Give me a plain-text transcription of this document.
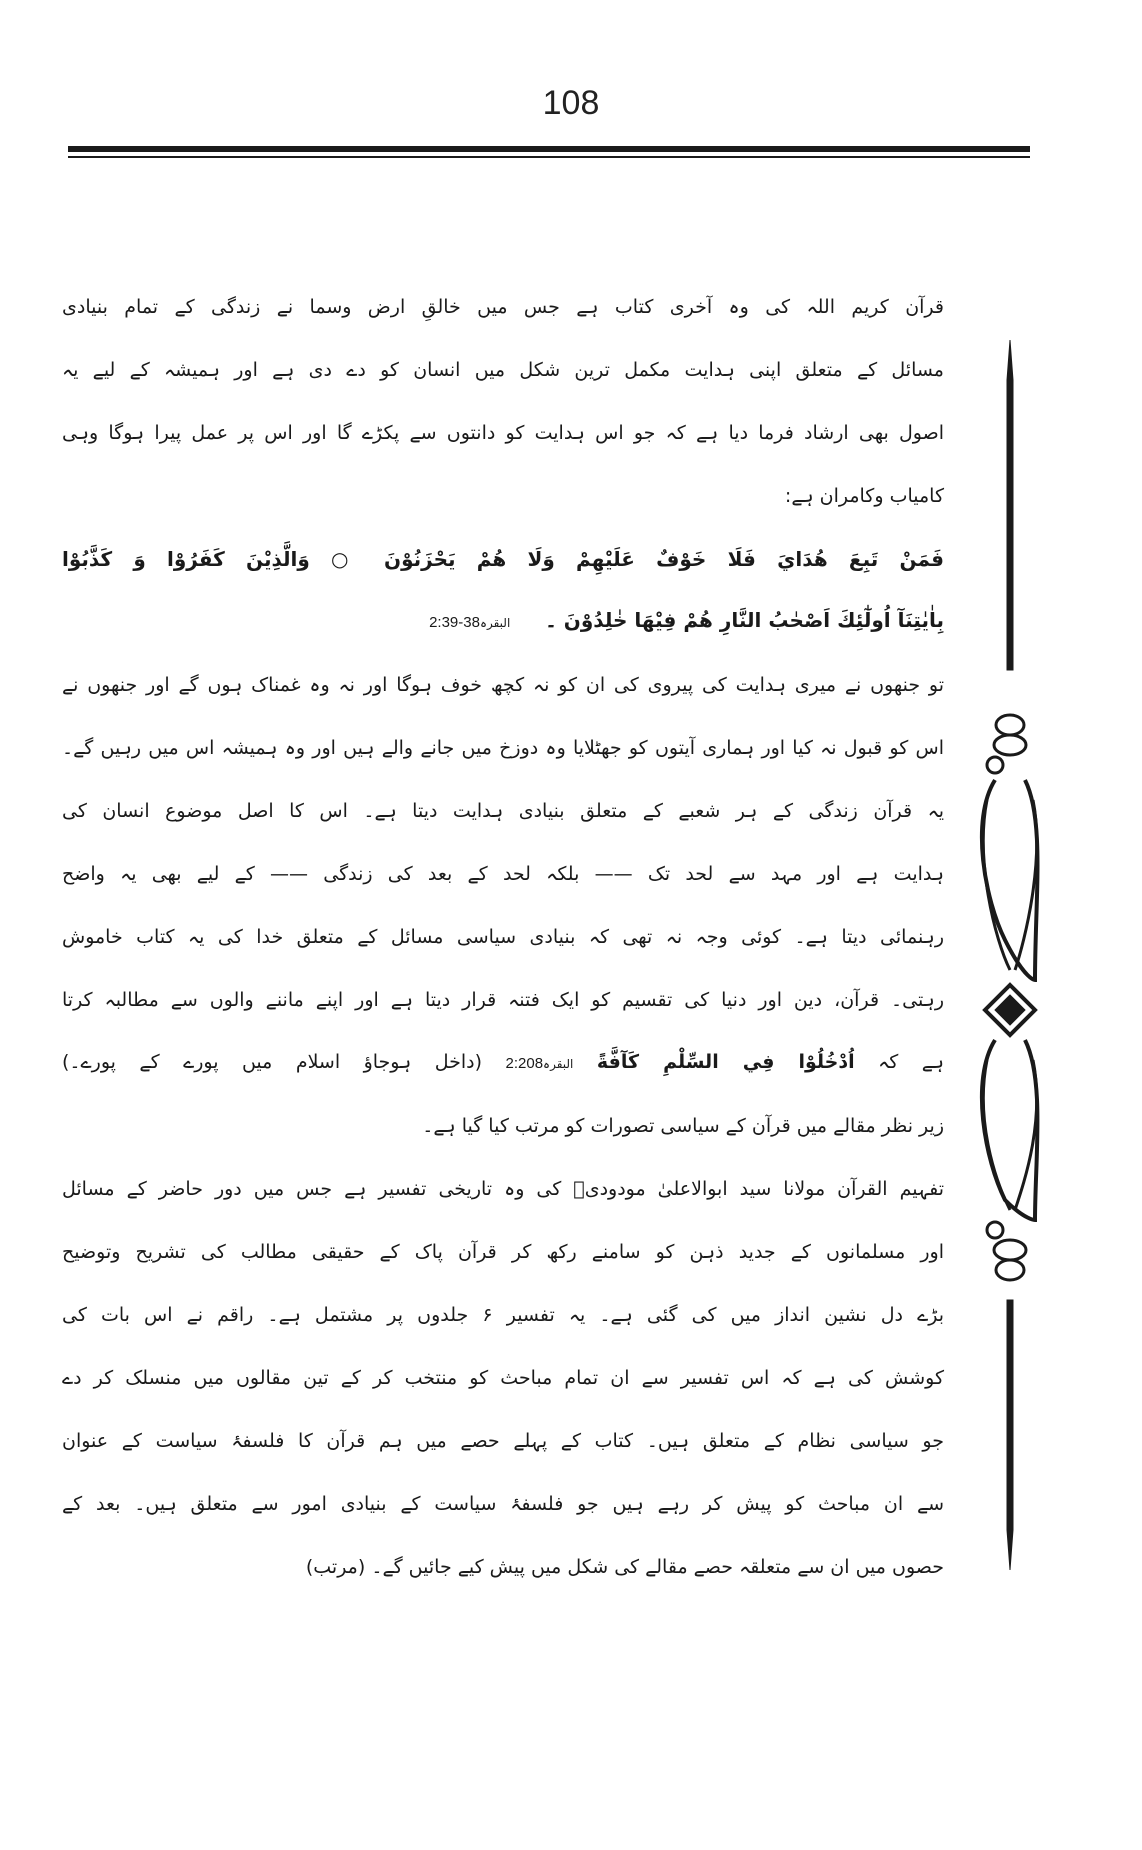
108
قرآن کریم اللہ کی وہ آخری کتاب ہے جس میں خالقِ ارض وسما نے زندگی کے تمام بنیادی
مسائل کے متعلق اپنی ہدایت مکمل ترین شکل میں انسان کو دے دی ہے اور ہمیشہ کے لیے یہ
اصول بھی ارشاد فرما دیا ہے کہ جو اس ہدایت کو دانتوں سے پکڑے گا اور اس پر عمل پیرا ہوگا وہی
کامیاب وکامران ہے:
فَمَنْ تَبِعَ هُدَايَ فَلَا خَوْفٌ عَلَيْهِمْ وَلَا هُمْ يَحْزَنُوْنَ ○ وَالَّذِيْنَ كَفَرُوْا وَ كَذَّبُوْا
بِاٰيٰتِنَآ اُولٰٓئِكَ اَصْحٰبُ النَّارِ هُمْ فِيْهَا خٰلِدُوْنَ ۔     البقرہ2:39-38
تو جنھوں نے میری ہدایت کی پیروی کی ان کو نہ کچھ خوف ہوگا اور نہ وہ غمناک ہوں گے اور جنھوں نے
اس کو قبول نہ کیا اور ہماری آیتوں کو جھٹلایا وہ دوزخ میں جانے والے ہیں اور وہ ہمیشہ اس میں رہیں گے۔
یہ قرآن زندگی کے ہر شعبے کے متعلق بنیادی ہدایت دیتا ہے۔ اس کا اصل موضوع انسان کی
ہدایت ہے اور مہد سے لحد تک —— بلکہ لحد کے بعد کی زندگی —— کے لیے بھی یہ واضح
رہنمائی دیتا ہے۔ کوئی وجہ نہ تھی کہ بنیادی سیاسی مسائل کے متعلق خدا کی یہ کتاب خاموش
رہتی۔ قرآن، دین اور دنیا کی تقسیم کو ایک فتنہ قرار دیتا ہے اور اپنے ماننے والوں سے مطالبہ کرتا
ہے کہ اُدْخُلُوْا فِي السِّلْمِ كَآفَّةً البقرہ2:208 (داخل ہوجاؤ اسلام میں پورے کے پورے۔)
زیر نظر مقالے میں قرآن کے سیاسی تصورات کو مرتب کیا گیا ہے۔
تفہیم القرآن مولانا سید ابوالاعلیٰ مودودیؒ کی وہ تاریخی تفسیر ہے جس میں دور حاضر کے مسائل
اور مسلمانوں کے جدید ذہن کو سامنے رکھ کر قرآن پاک کے حقیقی مطالب کی تشریح وتوضیح
بڑے دل نشین انداز میں کی گئی ہے۔ یہ تفسیر ۶ جلدوں پر مشتمل ہے۔ راقم نے اس بات کی
کوشش کی ہے کہ اس تفسیر سے ان تمام مباحث کو منتخب کر کے تین مقالوں میں منسلک کر دے
جو سیاسی نظام کے متعلق ہیں۔ کتاب کے پہلے حصے میں ہم قرآن کا فلسفۂ سیاست کے عنوان
سے ان مباحث کو پیش کر رہے ہیں جو فلسفۂ سیاست کے بنیادی امور سے متعلق ہیں۔ بعد کے
حصوں میں ان سے متعلقہ حصے مقالے کی شکل میں پیش کیے جائیں گے۔ (مرتب)
